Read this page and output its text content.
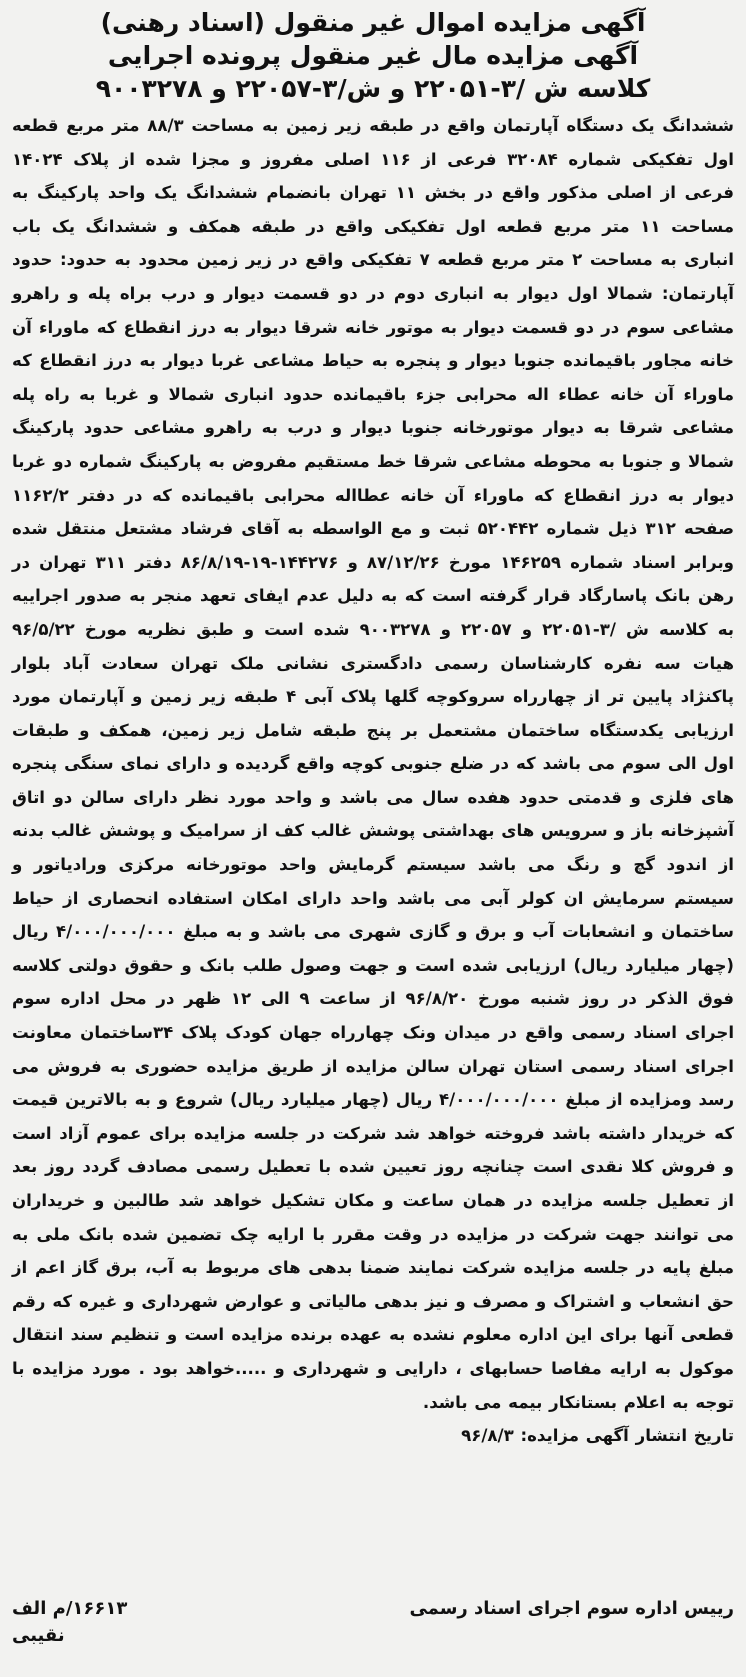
آگهی مزایده اموال غیر منقول (اسناد رهنی)
آگهی مزایده مال غیر منقول پرونده اجرایی
کلاسه ش /۳-۲۲۰۵۱ و ش/۳-۲۲۰۵۷ و ۹۰۰۳۲۷۸
ششدانگ یک دستگاه آپارتمان واقع در طبقه زیر زمین به مساحت ۸۸/۳ متر مربع قطعه اول تفکیکی شماره ۳۲۰۸۴ فرعی از ۱۱۶ اصلی مفروز و مجزا شده از پلاک ۱۴۰۲۴ فرعی از اصلی مذکور واقع در بخش ۱۱ تهران بانضمام ششدانگ یک واحد پارکینگ به مساحت ۱۱ متر مربع قطعه اول تفکیکی واقع در طبقه همکف و ششدانگ یک باب انباری به مساحت ۲ متر مربع قطعه ۷ تفکیکی واقع در زیر زمین محدود به حدود: حدود آپارتمان: شمالا اول دیوار به انباری دوم در دو قسمت دیوار و درب براه پله و راهرو مشاعی سوم در دو قسمت دیوار به موتور خانه شرقا دیوار به درز انقطاع که ماوراء آن خانه مجاور باقیمانده جنوبا دیوار و پنجره به حیاط مشاعی غربا دیوار به درز انقطاع که ماوراء آن خانه عطاء اله محرابی جزء باقیمانده حدود انباری شمالا و غربا به راه پله مشاعی شرقا به دیوار موتورخانه جنوبا دیوار و درب به راهرو مشاعی حدود پارکینگ شمالا و جنوبا به محوطه مشاعی شرقا خط مستقیم مفروض به پارکینگ شماره دو غربا دیوار به درز انقطاع که ماوراء آن خانه عطااله محرابی باقیمانده که در دفتر ۱۱۶۲/۲ صفحه ۳۱۲ ذیل شماره ۵۲۰۴۴۲ ثبت و مع الواسطه به آقای فرشاد مشتعل منتقل شده وبرابر اسناد شماره ۱۴۶۲۵۹ مورخ ۸۷/۱۲/۲۶ و ۱۴۴۲۷۶-۱۹-۸۶/۸/۱۹ دفتر ۳۱۱ تهران در رهن بانک پاسارگاد قرار گرفته است که به دلیل عدم ایفای تعهد منجر به صدور اجراییه به کلاسه ش /۳-۲۲۰۵۱ و ۲۲۰۵۷ و ۹۰۰۳۲۷۸ شده است و طبق نظریه مورخ ۹۶/۵/۲۲ هیات سه نفره کارشناسان رسمی دادگستری نشانی ملک تهران سعادت آباد بلوار پاکنژاد پایین تر از چهارراه سروکوچه گلها پلاک آبی ۴ طبقه زیر زمین و آپارتمان مورد ارزیابی یکدستگاه ساختمان مشتعمل بر پنج طبقه شامل زیر زمین، همکف و طبقات اول الی سوم می باشد که در ضلع جنوبی کوچه واقع گردیده و دارای نمای سنگی پنجره های فلزی و قدمتی حدود هفده سال می باشد و واحد مورد نظر دارای سالن دو اتاق آشپزخانه باز و سرویس های بهداشتی پوشش غالب کف از سرامیک و پوشش غالب بدنه از اندود گچ و رنگ می باشد سیستم گرمایش واحد موتورخانه مرکزی ورادیاتور و سیستم سرمایش ان کولر آبی می باشد واحد دارای امکان استفاده انحصاری از حیاط ساختمان و انشعابات آب و برق و گازی شهری می باشد و به مبلغ ۴/۰۰۰/۰۰۰/۰۰۰ ریال (چهار میلیارد ریال) ارزیابی شده است و جهت وصول طلب بانک و حقوق دولتی کلاسه فوق الذکر در روز شنبه مورخ ۹۶/۸/۲۰ از ساعت ۹ الی ۱۲ ظهر در محل اداره سوم اجرای اسناد رسمی واقع در میدان ونک چهارراه جهان کودک پلاک ۳۴ساختمان معاونت اجرای اسناد رسمی استان تهران سالن مزایده از طریق مزایده حضوری به فروش می رسد ومزایده از مبلغ ۴/۰۰۰/۰۰۰/۰۰۰ ریال (چهار میلیارد ریال) شروع و به بالاترین قیمت که خریدار داشته باشد فروخته خواهد شد شرکت در جلسه مزایده برای عموم آزاد است و فروش کلا نقدی است چنانچه روز تعیین شده با تعطیل رسمی مصادف گردد روز بعد از تعطیل جلسه مزایده در همان ساعت و مکان تشکیل خواهد شد طالبین و خریداران می توانند جهت شرکت در مزایده در وقت مقرر با ارایه چک تضمین شده بانک ملی به مبلغ پایه در جلسه مزایده شرکت نمایند ضمنا بدهی های مربوط به آب، برق گاز اعم از حق انشعاب و اشتراک و مصرف و نیز بدهی مالیاتی و عوارض شهرداری و غیره که رقم قطعی آنها برای این اداره معلوم نشده به عهده برنده مزایده است و تنظیم سند انتقال موکول به ارایه مفاصا حسابهای ، دارایی و شهرداری و .....خواهد بود . مورد مزایده با توجه به اعلام بستانکار بیمه می باشد.
تاریخ انتشار آگهی مزایده: ۹۶/۸/۳
رییس اداره سوم اجرای اسناد رسمی
۱۶۶۱۳/م الف
نقیبی
